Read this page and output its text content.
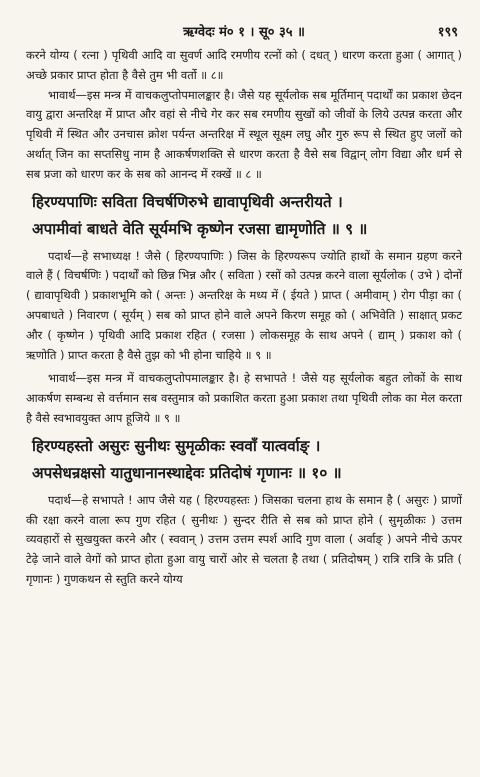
ऋग्वेदः मं० १ । सू० ३५ ॥	१९९

करने योग्य ( रत्ना ) पृथिवी आदि वा सुवर्ण आदि रमणीय रत्नों को ( दधत् ) धारण करता हुआ ( आगात् ) अच्छे प्रकार प्राप्त होता है वैसे तुम भी वर्तो ॥ ८॥

भावार्थ—इस मन्त्र में वाचकलुप्तोपमालङ्कार है। जैसे यह सूर्यलोक सब मूर्तिमान् पदार्थों का प्रकाश छेदन वायु द्वारा अन्तरिक्ष में प्राप्त और वहां से नीचे गेर कर सब रमणीय सुखों को जीवों के लिये उत्पन्न करता और पृथिवी में स्थित और उनचास क्रोश पर्यन्त अन्तरिक्ष में स्थूल सूक्ष्म लघु और गुरु रूप से स्थित हुए जलों को अर्थात् जिन का सप्तसिधु नाम है आकर्षणशक्ति से धारण करता है वैसे सब विद्वान् लोग विद्या और धर्म से सब प्रजा को धारण कर के सब को आनन्द में रक्खें ॥ ८ ॥

हिरण्यपाणिः सविता विचर्षणिरुभे द्यावापृथिवी अन्तरीयते ।

अपामीवां बाधते वेति सूर्यमभि कृष्णेन रजसा द्यामृणोति ॥ ९ ॥

पदार्थ—हे सभाध्यक्ष ! जैसे ( हिरण्यपाणिः ) जिस के हिरण्यरूप ज्योति हाथों के समान ग्रहण करने वाले हैं ( विचर्षणिः ) पदार्थों को छिन्न भिन्न और ( सविता ) रसों को उत्पन्न करने वाला सूर्यलोक ( उभे ) दोनों ( द्यावापृथिवी ) प्रकाशभूमि को ( अन्तः ) अन्तरिक्ष के मध्य में ( ईयते ) प्राप्त ( अमीवाम् ) रोग पीड़ा का ( अपबाधते ) निवारण ( सूर्यम् ) सब को प्राप्त होने वाले अपने किरण समूह को ( अभिवेति ) साक्षात् प्रकट और ( कृष्णेन ) पृथिवी आदि प्रकाश रहित ( रजसा ) लोकसमूह के साथ अपने ( द्याम् ) प्रकाश को ( ऋणोति ) प्राप्त करता है वैसे तुझ को भी होना चाहिये ॥ ९ ॥

भावार्थ—इस मन्त्र में वाचकलुप्तोपमालङ्कार है। हे सभापते ! जैसे यह सूर्यलोक बहुत लोकों के साथ आकर्षण सम्बन्ध से वर्त्तमान सब वस्तुमात्र को प्रकाशित करता हुआ प्रकाश तथा पृथिवी लोक का मेल करता है वैसे स्वभावयुक्त आप हूजिये ॥ ९ ॥

हिरण्यहस्तो असुरः सुनीथः सुमृळीकः स्ववाँ यात्वर्वाङ् ।

अपसेधन्रक्षसो यातुधानानस्थाद्देवः प्रतिदोषं गृणानः ॥ १० ॥

पदार्थ—हे सभापते ! आप जैसे यह ( हिरण्यहस्तः ) जिसका चलना हाथ के समान है ( असुरः ) प्राणों की रक्षा करने वाला रूप गुण रहित ( सुनीथः ) सुन्दर रीति से सब को प्राप्त होने ( सुमृळीकः ) उत्तम व्यवहारों से सुखयुक्त करने और ( स्ववान् ) उत्तम उत्तम स्पर्श आदि गुण वाला ( अर्वाङ् ) अपने नीचे ऊपर टेढ़े जाने वाले वेगों को प्राप्त होता हुआ वायु चारों ओर से चलता है तथा ( प्रतिदोषम् ) रात्रि रात्रि के प्रति ( गृणानः ) गुणकथन से स्तुति करने योग्य
